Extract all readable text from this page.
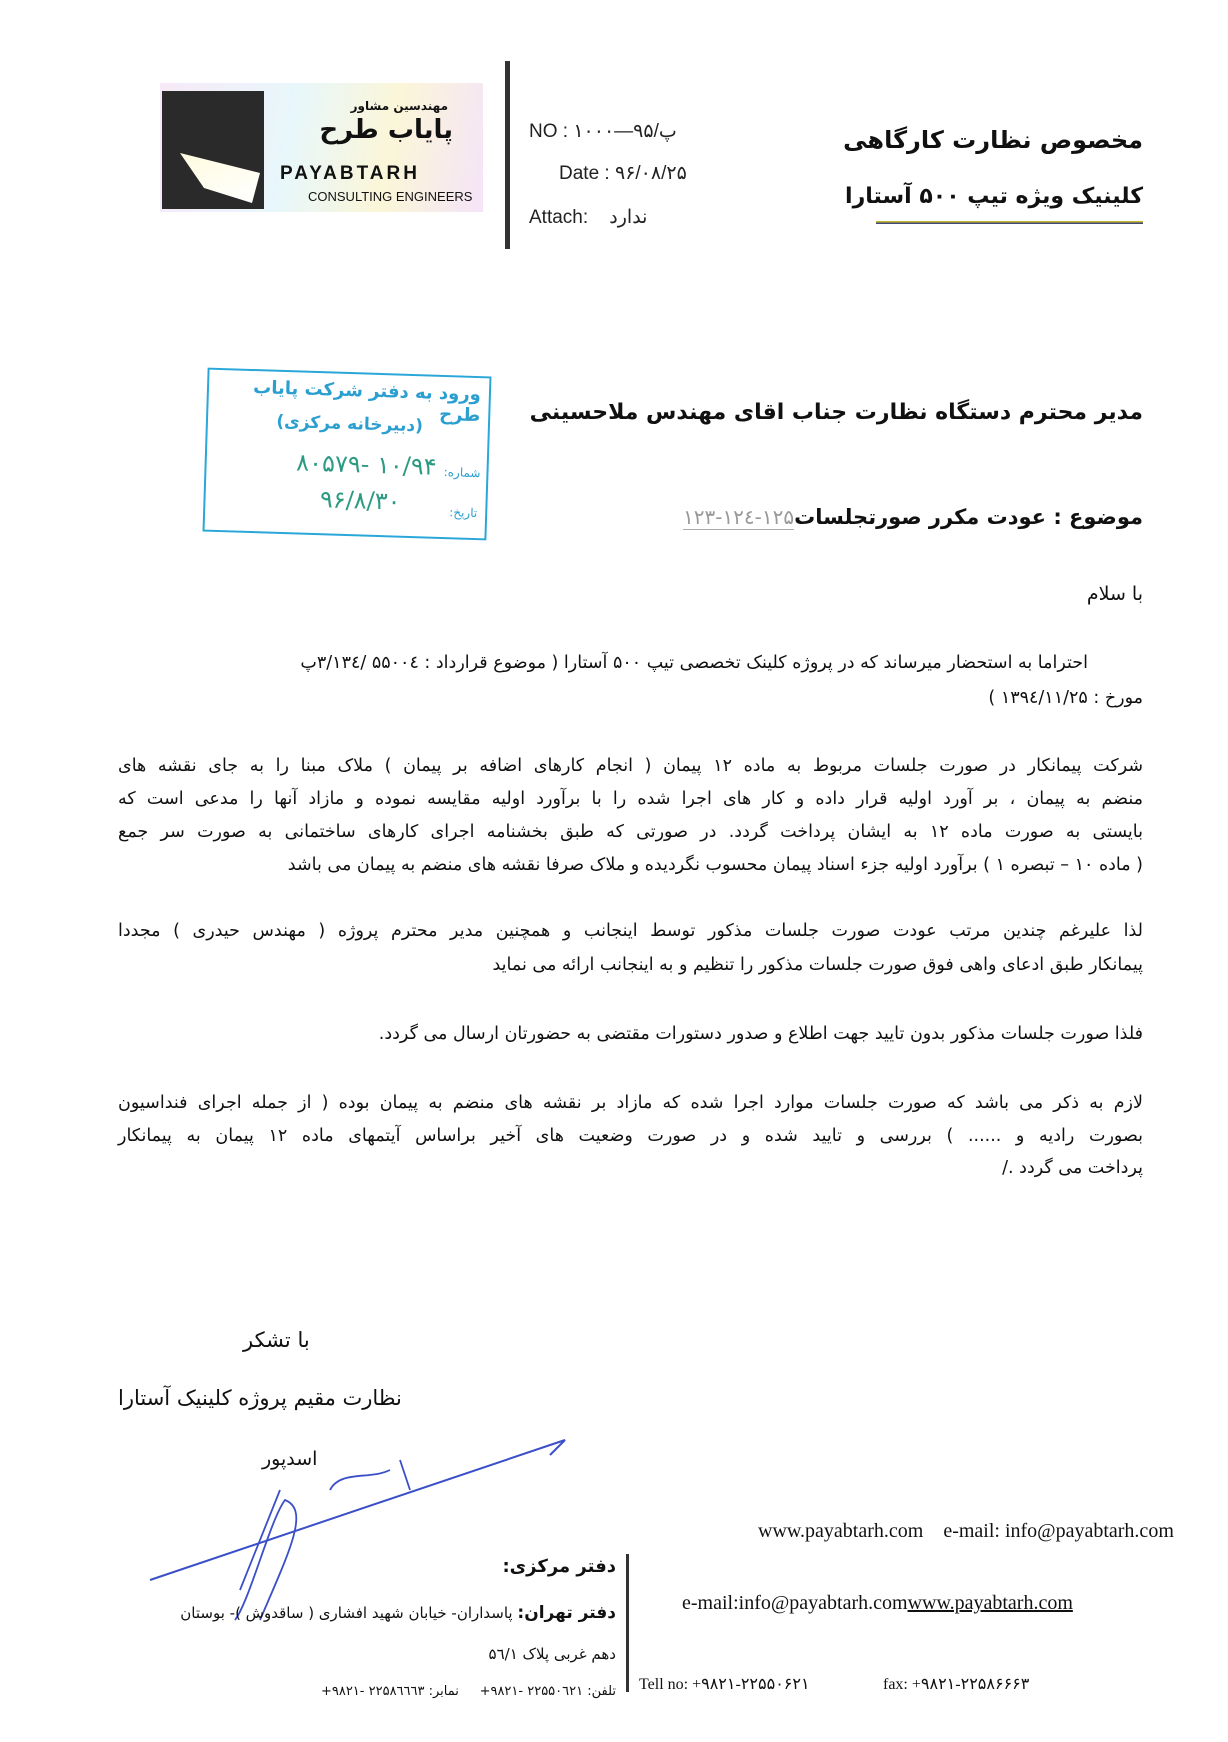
مهندسین مشاور
پایاب طرح
PAYABTARH
CONSULTING ENGINEERS
NO : پ/۹۵—۱۰۰۰
Date : ۹۶/۰۸/۲۵
Attach: ندارد
مخصوص نظارت کارگاهی
کلینیک ویژه تیپ ۵۰۰ آستارا
ورود به دفتر شرکت پایاب طرح
(دبیرخانه مرکزی)
شماره:
۱۰/۹۴ -۸۰۵۷۹
تاریخ:
۹۶/۸/۳۰
مدیر محترم دستگاه نظارت جناب اقای مهندس ملاحسینی
موضوع : عودت مکرر صورتجلسات۱۲۵-۱۲٤-۱۲۳
با سلام
احتراما به استحضار میرساند که در پروژه کلینک تخصصی تیپ ۵۰۰ آستارا ( موضوع قرارداد : ۵۵۰۰٤ /۳/۱۳٤پ
مورخ : ۱۳۹٤/۱۱/۲۵ )
شرکت پیمانکار در صورت جلسات مربوط به ماده ۱۲ پیمان ( انجام کارهای اضافه بر پیمان ) ملاک مبنا را به جای نقشه های
منضم به پیمان ، بر آورد اولیه قرار داده و کار های اجرا شده را با برآورد اولیه مقایسه نموده و مازاد آنها را مدعی است که
بایستی به صورت ماده ۱۲ به ایشان پرداخت گردد. در صورتی که طبق بخشنامه اجرای کارهای ساختمانی به صورت سر جمع
( ماده ۱۰ – تبصره ۱ ) برآورد اولیه جزء اسناد پیمان محسوب نگردیده و ملاک صرفا نقشه های منضم به پیمان می باشد
لذا علیرغم چندین مرتب عودت صورت جلسات مذکور توسط اینجانب و همچنین مدیر محترم پروژه ( مهندس حیدری ) مجددا
پیمانکار طبق ادعای واهی فوق صورت جلسات مذکور را تنظیم و به اینجانب ارائه می نماید
فلذا صورت جلسات مذکور بدون تایید جهت اطلاع و صدور دستورات مقتضی به حضورتان ارسال می گردد.
لازم به ذکر می باشد که صورت جلسات موارد اجرا شده که مازاد بر نقشه های منضم به پیمان بوده ( از جمله اجرای فنداسیون
بصورت رادیه و ...... ) بررسی و تایید شده و در صورت وضعیت های آخیر براساس آیتمهای ماده ۱۲ پیمان به پیمانکار
پرداخت می گردد ./
با تشکر
نظارت مقیم پروژه کلینیک آستارا
اسدپور
www.payabtarh.com e-mail: info@payabtarh.com
دفتر مرکزی:
دفتر تهران: پاسداران- خیابان شهید افشاری ( ساقدوش )- بوستان
دهم غربی پلاک ۵٦/۱
تلفن: ۲۲۵۵۰٦۲۱ -۹۸۲۱+     نمابر: ۲۲۵۸٦٦٦۳ -۹۸۲۱+
e-mail:info@payabtarh.comwww.payabtarh.com
Tell no: +۹۸۲۱-۲۲۵۵۰۶۲۱	fax: +۹۸۲۱-۲۲۵۸۶۶۶۳
